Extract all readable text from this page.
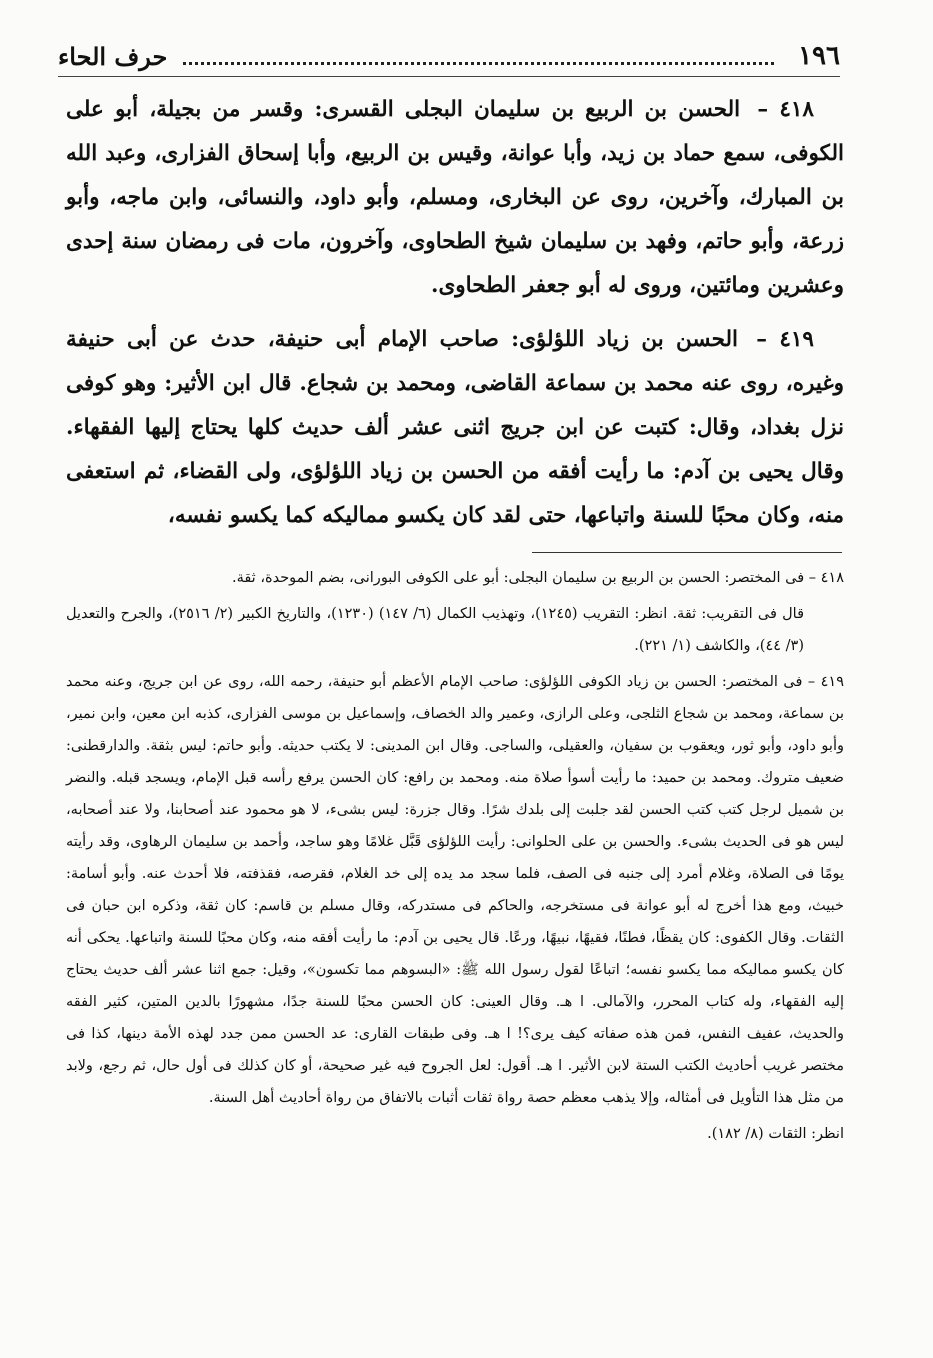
١٩٦
حرف الحاء

٤١٨ – الحسن بن الربيع بن سليمان البجلى القسرى: وقسر من بجيلة، أبو على الكوفى، سمع حماد بن زيد، وأبا عوانة، وقيس بن الربيع، وأبا إسحاق الفزارى، وعبد الله بن المبارك، وآخرين، روى عن البخارى، ومسلم، وأبو داود، والنسائى، وابن ماجه، وأبو زرعة، وأبو حاتم، وفهد بن سليمان شيخ الطحاوى، وآخرون، مات فى رمضان سنة إحدى وعشرين ومائتين، وروى له أبو جعفر الطحاوى.

٤١٩ – الحسن بن زياد اللؤلؤى: صاحب الإمام أبى حنيفة، حدث عن أبى حنيفة وغيره، روى عنه محمد بن سماعة القاضى، ومحمد بن شجاع. قال ابن الأثير: وهو كوفى نزل بغداد، وقال: كتبت عن ابن جريج اثنى عشر ألف حديث كلها يحتاج إليها الفقهاء. وقال يحيى بن آدم: ما رأيت أفقه من الحسن بن زياد اللؤلؤى، ولى القضاء، ثم استعفى منه، وكان محبًا للسنة واتباعها، حتى لقد كان يكسو مماليكه كما يكسو نفسه،

٤١٨ – فى المختصر: الحسن بن الربيع بن سليمان البجلى: أبو على الكوفى البورانى، بضم الموحدة، ثقة.

قال فى التقريب: ثقة. انظر: التقريب (١٢٤٥)، وتهذيب الكمال (٦/ ١٤٧) (١٢٣٠)، والتاريخ الكبير (٢/ ٢٥١٦)، والجرح والتعديل (٣/ ٤٤)، والكاشف (١/ ٢٢١).

٤١٩ – فى المختصر: الحسن بن زياد الكوفى اللؤلؤى: صاحب الإمام الأعظم أبو حنيفة، رحمه الله، روى عن ابن جريج، وعنه محمد بن سماعة، ومحمد بن شجاع الثلجى، وعلى الرازى، وعمير والد الخصاف، وإسماعيل بن موسى الفزارى، كذبه ابن معين، وابن نمير، وأبو داود، وأبو ثور، ويعقوب بن سفيان، والعقيلى، والساجى. وقال ابن المدينى: لا يكتب حديثه. وأبو حاتم: ليس بثقة. والدارقطنى: ضعيف متروك. ومحمد بن حميد: ما رأيت أسوأ صلاة منه. ومحمد بن رافع: كان الحسن يرفع رأسه قبل الإمام، ويسجد قبله. والنضر بن شميل لرجل كتب كتب الحسن لقد جلبت إلى بلدك شرًا. وقال جزرة: ليس بشىء، لا هو محمود عند أصحابنا، ولا عند أصحابه، ليس هو فى الحديث بشىء. والحسن بن على الحلوانى: رأيت اللؤلؤى قَبَّل غلامًا وهو ساجد، وأحمد بن سليمان الرهاوى، وقد رأيته يومًا فى الصلاة، وغلام أمرد إلى جنبه فى الصف، فلما سجد مد يده إلى خد الغلام، فقرصه، فقذفته، فلا أحدث عنه. وأبو أسامة: خبيث، ومع هذا أخرج له أبو عوانة فى مستخرجه، والحاكم فى مستدركه، وقال مسلم بن قاسم: كان ثقة، وذكره ابن حبان فى الثقات. وقال الكفوى: كان يقظًا، فطنًا، فقيهًا، نبيهًا، ورعًا. قال يحيى بن آدم: ما رأيت أفقه منه، وكان محبًا للسنة واتباعها. يحكى أنه كان يكسو مماليكه مما يكسو نفسه؛ اتباعًا لقول رسول الله ﷺ: «البسوهم مما تكسون»، وقيل: جمع اثنا عشر ألف حديث يحتاج إليه الفقهاء، وله كتاب المحرر، والآمالى. ا هـ. وقال العينى: كان الحسن محبًا للسنة جدًا، مشهورًا بالدين المتين، كثير الفقه والحديث، عفيف النفس، فمن هذه صفاته كيف يرى؟! ا هـ. وفى طبقات القارى: عد الحسن ممن جدد لهذه الأمة دينها، كذا فى مختصر غريب أحاديث الكتب الستة لابن الأثير. ا هـ. أقول: لعل الجروح فيه غير صحيحة، أو كان كذلك فى أول حال، ثم رجع، ولابد من مثل هذا التأويل فى أمثاله، وإلا يذهب معظم حصة رواة ثقات أثبات بالاتفاق من رواة أحاديث أهل السنة.

انظر: الثقات (٨/ ١٨٢).
